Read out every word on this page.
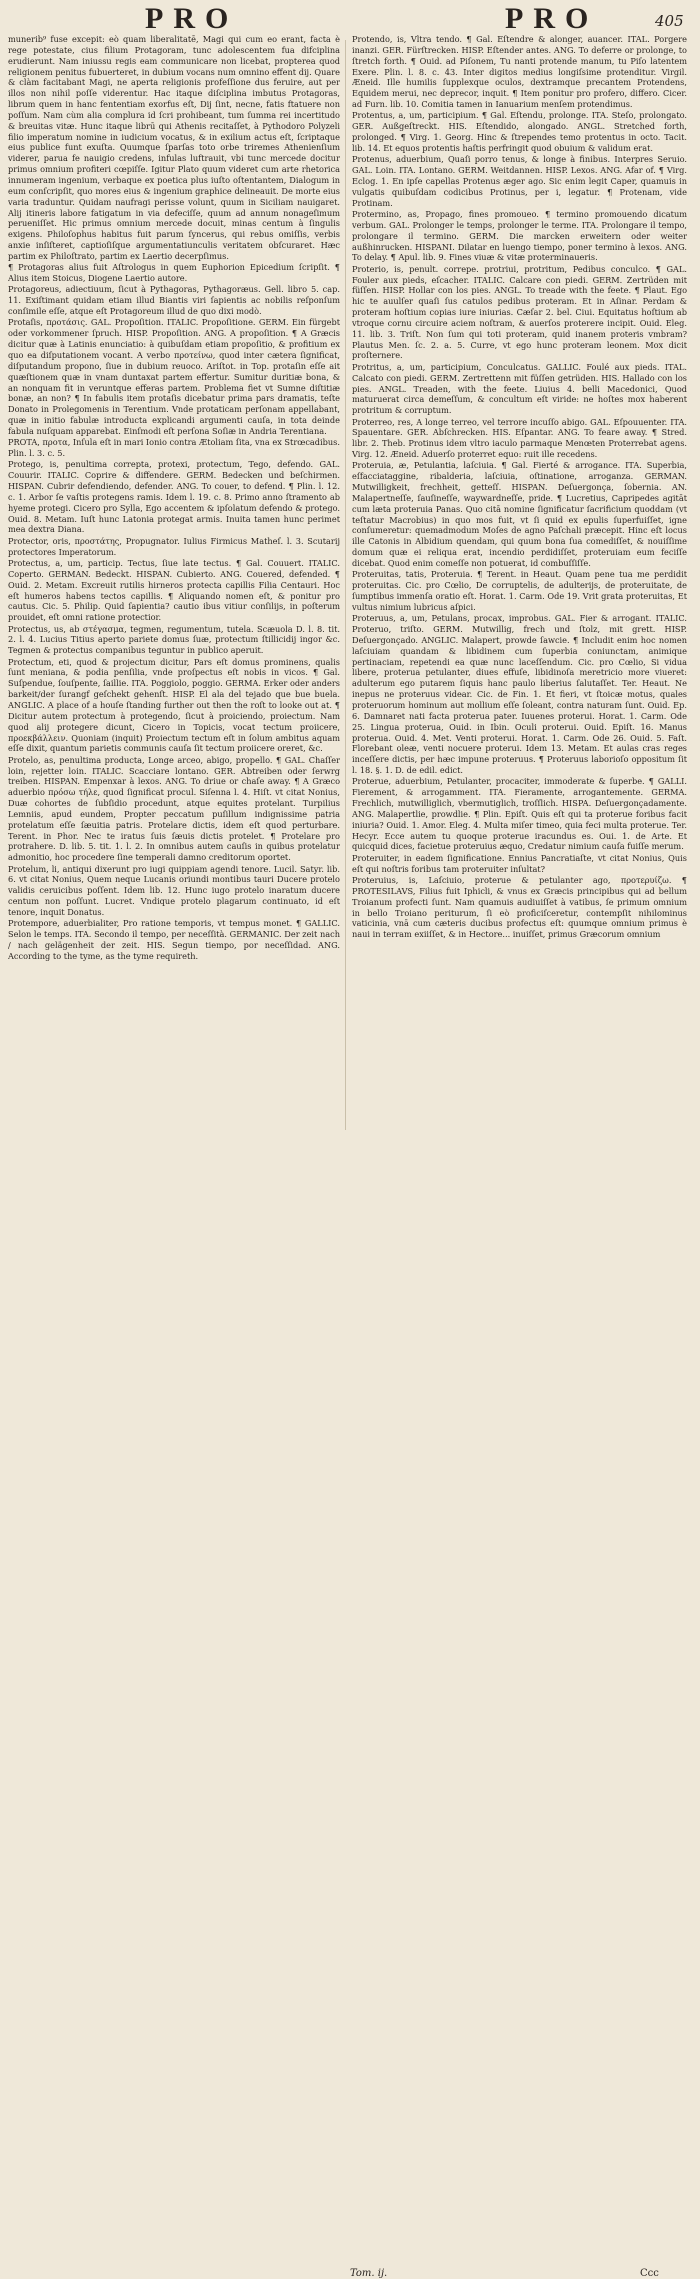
PRO	PRO	405

munerib⁹ fuse excepit: eò quam liberalitatē, Magi qui cum eo erant, facta è rege potestate, cius filium Protagoram, tunc adolescentem fua difciplina erudierunt. Nam iniussu regis eam communicare non licebat, propterea quod religionem penitus fubuerteret, in dubium vocans num omnino effent dij. Quare & clàm facitabant Magi, ne aperta religionis profeſſione dus feruire, aut per illos non nihil poſſe viderentur. Hac itaque diſciplina imbutus Protagoras, librum quem in hanc fententiam exorfus eſt, Dij ſint, necne, fatis ftatuere non poſſum. Nam cùm alia complura id ſcri prohibeant, tum ſumma rei incertitudo & breuitas vitæ. Hunc itaque librū qui Athenis recitaſſet, à Pythodoro Polyzeli filio imperatum nomine in iudicium vocatus, & in exilium actus eſt, ſcriptaque eius publice funt exuſta. Quumque ſparſas toto orbe triremes Athenienſium viderer, parua fe nauigio credens, infulas luftrauit, vbi tunc mercede docitur primus omnium profiteri cœpiſſe. Igitur Plato quum videret cum arte rhetorica innumeram ingenium, verbaque ex poetica plus iuſto oſtentantem, Dialogum in eum conſcripſit, quo mores eius & ingenium graphice delineauit. De morte eius varia traduntur. Quidam naufragi perisse volunt, quum in Siciliam nauigaret. Alij itineris labore fatigatum in via defeciſſe, quum ad annum nonageſimum perueniſſet. Hic primus omnium mercede docuit, minas centum à ſingulis exigens. Philoſophus habitus fuit parum ſyncerus, qui rebus omiſſis, verbis anxie inſiſteret, captioſiſque argumentatiunculis veritatem obſcuraret. Hæc partim ex Philoſtrato, partim ex Laertio decerpſimus.

¶ Protagoras alius fuit Aſtrologus in quem Euphorion Epicedium ſcripſit. ¶ Alius item Stoicus, Diogene Laertio autore.

Protagoreus, adiectiuum, ſicut à Pythagoras, Pythagoræus. Gell. libro 5. cap. 11. Exiſtimant quidam etiam illud Biantis viri ſapientis ac nobilis reſponſum conſimile eſſe, atque eſt Protagoreum illud de quo dixi modò.

Protaſis, προτάσις. GAL. Propoſition. ITALIC. Propoſitione. GERM. Ein fürgebt oder vorkommener ſpruch. HISP. Propoſition. ANG. A propoſition. ¶ A Græcis dicitur quæ à Latinis enunciatio: à quibuſdam etiam propoſitio, & profitium ex quo ea diſputationem vocant. A verbo προτείνω, quod inter cætera ſignificat, diſputandum propono, ſiue in dubium reuoco. Ariſtot. in Top. protaſin eſſe ait quæſtionem quæ in vnam duntaxat partem effertur. Sumitur duritiæ bona, & an nonquam fit in veruntque efferas partem. Problema fiet vt Sumne diſtitiæ bonæ, an non? ¶ In fabulis item protaſis dicebatur prima pars dramatis, teſte Donato in Prolegomenis in Terentium. Vnde protaticam perſonam appellabant, quæ in initio fabulæ introducta explicandi argumenti cauſa, in tota deinde fabula nuſquam apparebat. Einſmodi eſt perſona Soſiæ in Andria Terentiana.

PROTA, προτα, Inſula eſt in mari Ionio contra Ætoliam ſita, vna ex Strœcadibus. Plin. l. 3. c. 5.

Protego, is, penultima correpta, protexi, protectum, Tego, defendo. GAL. Couurir. ITALIC. Coprire & diffendere. GERM. Bedecken und beſchirmen. HISPAN. Cubrir defendiendo, defender. ANG. To couer, to defend. ¶ Plin. l. 12. c. 1. Arbor ſe vaſtis protegens ramis. Idem l. 19. c. 8. Primo anno ſtramento ab hyeme protegi. Cicero pro Sylla, Ego accentem & ipſolatum defendo & protego. Ouid. 8. Metam. Iuſt hunc Latonia protegat armis. Inuita tamen hunc perimet mea dextra Diana.

Protector, oris, προστάτης, Propugnator. Iulius Firmicus Matheſ. l. 3. Scutarij protectores Imperatorum.

Protectus, a, um, particip. Tectus, ſiue late tectus. ¶ Gal. Couuert. ITALIC. Coperto. GERMAN. Bedeckt. HISPAN. Cubierto. ANG. Couered, defended. ¶ Ouid. 2. Metam. Excreuit rutilis hirneros protecta capillis Filia Centauri. Hoc eſt humeros habens tectos capillis. ¶ Aliquando nomen eſt, & ponitur pro cautus. Cic. 5. Philip. Quid ſapientia? cautio ibus vitiur conſilijs, in poſterum prouidet, eſt omni ratione protectior.

Protectus, us, ab στέγασμα, tegmen, regumentum, tutela. Scæuola D. l. 8. tit. 2. l. 4. Lucius Titius aperto pariete domus ſuæ, protectum ſtillicidij ingor &c. Tegmen & protectus companibus teguntur in publico aperuit.

Protectum, eti, quod & projectum dicitur, Pars eſt domus prominens, qualis ſunt meniana, & podia penſilia, vnde proſpectus eſt nobis in vicos. ¶ Gal. Suſpendue, ſouſpente, ſaillie. ITA. Poggiolo, poggio. GERMA. Erker oder anders barkeit/der ſurangf geſchekt gehenſt. HISP. El ala del tejado que bue buela. ANGLIC. A place of a houſe ſtanding further out then the roſt to looke out at. ¶ Dicitur autem protectum à protegendo, ſicut à proiciendo, proiectum. Nam quod alij protegere dicunt, Cicero in Topicis, vocat tectum proiicere, προεκβάλλειν. Quoniam (inquit) Proiectum tectum eſt in ſolum ambitus aquam eſſe dixit, quantum parietis communis cauſa ſit tectum proiicere oreret, &c.

Protelo, as, penultima producta, Longe arceo, abigo, propello. ¶ GAL. Chaſſer loin, rejetter loin. ITALIC. Scacciare lontano. GER. Abtreiben oder ſerwrg treiben. HISPAN. Empenxar à lexos. ANG. To driue or chaſe away. ¶ A Græco aduerbio πρόσω τήλε, quod ſignificat procul. Siſenna l. 4. Hiſt. vt citat Nonius, Duæ cohortes de ſubſidio procedunt, atque equites protelant. Turpilius Lemniis, apud eundem, Propter peccatum puſillum indignissime patria protelatum eſſe ſæuitia patris. Protelare dictis, idem eſt quod perturbare. Terent. in Phor. Nec te iratus ſuis ſæuis dictis protelet. ¶ Protelare pro protrahere. D. lib. 5. tit. 1. l. 2. In omnibus autem cauſis in quibus protelatur admonitio, hoc procedere ſine temperali damno creditorum oportet.

Protelum, li, antiqui dixerunt pro iugi quippiam agendi tenore. Lucil. Satyr. lib. 6. vt citat Nonius, Quem neque Lucanis oriundi montibus tauri Ducere protelo validis ceruicibus poſſent. Idem lib. 12. Hunc iugo protelo inaratum ducere centum non poſſunt. Lucret. Vndique protelo plagarum continuato, id eſt tenore, inquit Donatus.

Protempore, aduerbialiter, Pro ratione temporis, vt tempus monet. ¶ GALLIC. Selon le temps. ITA. Secondo il tempo, per neceſſità. GERMANIC. Der zeit nach / nach gelägenheit der zeit. HIS. Segun tiempo, por neceſſidad. ANG. According to the tyme, as the tyme requireth.

Protendo, is, Vltra tendo. ¶ Gal. Eſtendre & alonger, auancer. ITAL. Porgere inanzi. GER. Fürſtrecken. HISP. Eſtender antes. ANG. To deferre or prolonge, to ſtretch forth. ¶ Ouid. ad Piſonem, Tu nanti protende manum, tu Piſo latentem Exere. Plin. l. 8. c. 43. Inter digitos medius longiſsime protenditur. Virgil. Æneid. Ille humilis ſupplexque oculos, dextramque precantem Protendens, Equidem merui, nec deprecor, inquit. ¶ Item ponitur pro profero, differo. Cicer. ad Furn. lib. 10. Comitia tamen in Ianuarium menſem protendimus.

Protentus, a, um, participium. ¶ Gal. Eſtendu, prolonge. ITA. Steſo, prolongato. GER. Außgeſtreckt. HIS. Eſtendido, alongado. ANGL. Stretched forth, prolonged. ¶ Virg. 1. Georg. Hinc & ſtrependes temo protentus in octo. Tacit. lib. 14. Et equos protentis haſtis perfringit quod obuium & validum erat.

Protenus, aduerbium, Quaſi porro tenus, & longe à finibus. Interpres Seruio. GAL. Loin. ITA. Lontano. GERM. Weitdannen. HISP. Lexos. ANG. Afar of. ¶ Virg. Eclog. 1. En ipſe capellas Protenus æger ago. Sic enim legit Caper, quamuis in vulgatis quibuſdam codicibus Protinus, per i, legatur. ¶ Protenam, vide Protinam.

Protermino, as, Propago, fines promoueo. ¶ termino promouendo dicatum verbum. GAL. Prolonger le temps, prolonger le terme. ITA. Prolongare il tempo, prolongare il termino. GERM. Die marcken erweitern oder weiter außhinrucken. HISPANI. Dilatar en luengo tiempo, poner termino à lexos. ANG. To delay. ¶ Apul. lib. 9. Fines viuæ & vitæ proterminaueris.

Proterio, is, penult. correpe. protriui, protritum, Pedibus conculco. ¶ GAL. Fouler aux pieds, eſcacher. ITALIC. Calcare con piedi. GERM. Zertrüden mit füſſen. HISP. Hollar con los pies. ANGL. To treade with the feete. ¶ Plaut. Ego hic te auulſer quaſi ſus catulos pedibus proteram. Et in Aſinar. Perdam & proteram hoſtium copias iure iniurias. Cæſar 2. bel. Ciui. Equitatus hoſtium ab vtroque cornu circuire aciem noſtram, & auerſos proterere incipit. Ouid. Eleg. 11. lib. 3. Triſt. Non ſum qui toti proteram, quid inanem proteris vmbram? Plautus Men. ſc. 2. a. 5. Curre, vt ego hunc proteram leonem. Mox dicit proſternere.

Protritus, a, um, participium, Conculcatus. GALLIC. Foulé aux pieds. ITAL. Calcato con piedi. GERM. Zertrettenn mit füſſen getrüden. HIS. Hallado con los pies. ANGL. Treaden, with the feete. Liuius 4. belli Macedonici, Quod maturuerat circa demeſſum, & concultum eſt viride: ne hoſtes mox haberent protritum & corruptum.

Proterreo, res, A longe terreo, vel terrore incuſſo abigo. GAL. Eſpouuenter. ITA. Spauentare. GER. Abſchrecken. HIS. Eſpantar. ANG. To feare away. ¶ Stred. libr. 2. Theb. Protinus idem vltro iaculo parmaque Menœten Proterrebat agens. Virg. 12. Æneid. Aduerſo proterret equo: ruit ille recedens.

Proteruia, æ, Petulantia, laſciuia. ¶ Gal. Fierté & arrogance. ITA. Superbia, eſfacciataggine, ribalderia, laſciuia, oſtinatione, arroganza. GERMAN. Mutwilligkeit, frechheit, getteſſ. HISPAN. Deſuergonça, ſobernia. AN. Malapertneſſe, ſauſineſſe, waywardneſſe, pride. ¶ Lucretius, Capripedes agitāt cum læta proteruia Panas. Quo citā nomine ſignificatur ſacrificium quoddam (vt teſtatur Macrobius) in quo mos fuit, vt ſi quid ex epulis ſuperfuiſſet, igne conſumeretur: quemadmodum Moſes de agno Paſchali præcepit. Hinc eſt locus ille Catonis in Albidium quendam, qui quum bona ſua comediſſet, & nouiſſime domum quæ ei reliqua erat, incendio perdidiſſet, proteruiam eum feciſſe dicebat. Quod enim comeſſe non potuerat, id combuſſiſſe.

Proteruitas, tatis, Proteruia. ¶ Terent. in Heaut. Quam pene tua me perdidit proteruitas. Cic. pro Cœlio, De corruptelis, de adulterijs, de proteruitate, de ſumptibus immenſa oratio eſt. Horat. 1. Carm. Ode 19. Vrit grata proteruitas, Et vultus nimium lubricus aſpici.

Proteruus, a, um, Petulans, procax, improbus. GAL. Fier & arrogant. ITALIC. Proteruo, triſto. GERM. Mutwillig, frech und ſtolz, mit grett. HISP. Deſuergonçado. ANGLIC. Malapert, prowde ſawcie. ¶ Includit enim hoc nomen laſciuiam quandam & libidinem cum ſuperbia coniunctam, animique pertinaciam, repetendi ea quæ nunc laceſſendum. Cic. pro Cœlio, Si vidua libere, proterua petulanter, diues effuſe, libidinoſa meretricio more viueret: adulterum ego putarem ſiquis hanc paulo liberius ſalutaſſet. Ter. Heaut. Ne inepus ne proteruus videar. Cic. de Fin. 1. Et fieri, vt ſtoicæ motus, quales proteruorum hominum aut mollium eſſe ſoleant, contra naturam ſunt. Ouid. Ep. 6. Damnaret nati facta proterua pater. Iuuenes proterui. Horat. 1. Carm. Ode 25. Lingua proterua, Ouid. in Ibin. Oculi proterui. Ouid. Epiſt. 16. Manus proterua. Ouid. 4. Met. Venti proterui. Horat. 1. Carm. Ode 26. Ouid. 5. Faſt. Florebant oleæ, venti nocuere proterui. Idem 13. Metam. Et aulas cras reges inceſſere dictis, per hæc impune proteruus. ¶ Proteruus laborioſo oppositum ſit l. 18. §. 1. D. de edil. edict.

Proterue, aduerbium, Petulanter, procaciter, immoderate & ſuperbe. ¶ GALLI. Fierement, & arrogamment. ITA. Fieramente, arrogantemente. GERMA. Frechlich, mutwilliglich, vbermutiglich, troſſlich. HISPA. Deſuergonçadamente. ANG. Malapertlie, prowdlie. ¶ Plin. Epiſt. Quis eſt qui ta proterue foribus facit iniuria? Ouid. 1. Amor. Eleg. 4. Multa miſer timeo, quia feci multa proterue. Ter. Hecyr. Ecce autem tu quoque proterue iracundus es. Oui. 1. de Arte. Et quicquid dices, facietue proteruius æquo, Credatur nimium cauſa fuiſſe merum.

Proteruiter, in eadem ſignificatione. Ennius Pancratiaſte, vt citat Nonius, Quis eſt qui noſtris foribus tam proteruiter inſultat?

Proteruius, is, Laſciuio, proterue & petulanter ago, προτερυίζω. ¶ PROTESILAVS, Filius fuit Iphicli, & vnus ex Græcis principibus qui ad bellum Troianum profecti ſunt. Nam quamuis audiuiſſet à vatibus, ſe primum omnium in bello Troiano periturum, ſi eò proficiſceretur, contempſit nihilominus vaticinia, vnā cum cæteris ducibus profectus eſt: quumque omnium primus è naui in terram exiiſſet, & in Hectore... inuiſſet, primus Græcorum omnium

Tom. ij.	Ccc
